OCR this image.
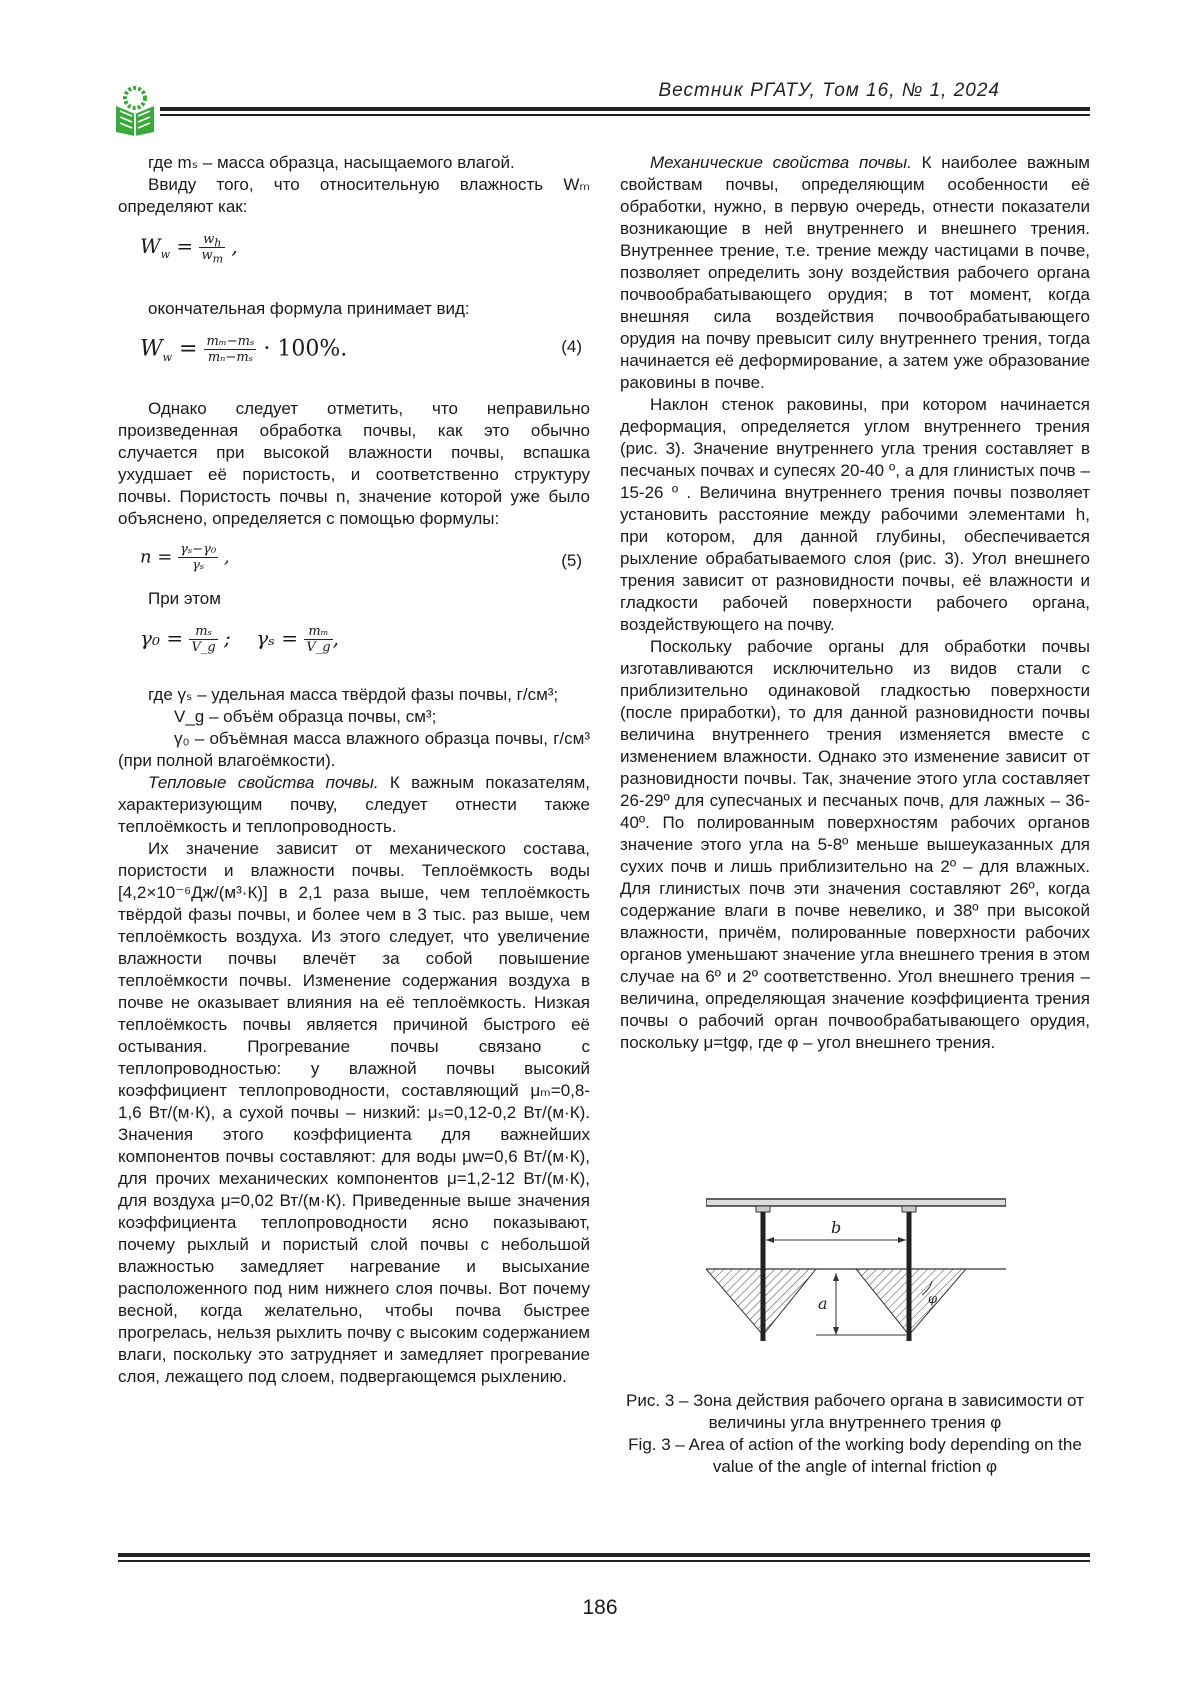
Вестник РГАТУ, Том 16, № 1, 2024

где mₛ – масса образца, насыщаемого влагой.

Ввиду того, что относительную влажность Wₘ определяют как:

$W_w = \frac{w_h}{w_m}$ ,

окончательная формула принимает вид:

$W_w = \frac{\text{mₘ−mₛ}}{\text{mₙ−mₛ}} \cdot 100\%$.	(4)

Однако следует отметить, что неправильно произведенная обработка почвы, как это обычно случается при высокой влажности почвы, вспашка ухудшает её пористость, и соответственно структуру почвы. Пористость почвы n, значение которой уже было объяснено, определяется с помощью формулы:

$n = \frac{\text{γₛ−γ₀}}{\text{γₛ}}$ ,	(5)

При этом

$\gamma_0 = \frac{\text{mₛ}}{V\_g}$ ;    $\gamma_s = \frac{\text{mₘ}}{V\_g}$ ,

где γₛ – удельная масса твёрдой фазы почвы, г/см³;

V_g – объём образца почвы, см³;

γ₀ – объёмная масса влажного образца почвы, г/см³ (при полной влагоёмкости).

Тепловые свойства почвы. К важным показателям, характеризующим почву, следует отнести также теплоёмкость и теплопроводность.

Их значение зависит от механического состава, пористости и влажности почвы. Теплоёмкость воды [4,2×10⁻⁶Дж/(м³·К)] в 2,1 раза выше, чем теплоёмкость твёрдой фазы почвы, и более чем в 3 тыс. раз выше, чем теплоёмкость воздуха. Из этого следует, что увеличение влажности почвы влечёт за собой повышение теплоёмкости почвы. Изменение содержания воздуха в почве не оказывает влияния на её теплоёмкость. Низкая теплоёмкость почвы является причиной быстрого её остывания. Прогревание почвы связано с теплопроводностью: у влажной почвы высокий коэффициент теплопроводности, составляющий μₘ=0,8-1,6 Вт/(м·К), а сухой почвы – низкий: μₛ=0,12-0,2 Вт/(м·К). Значения этого коэффициента для важнейших компонентов почвы составляют: для воды μw=0,6 Вт/(м·К), для прочих механических компонентов μ=1,2-12 Вт/(м·К), для воздуха μ=0,02 Вт/(м·К). Приведенные выше значения коэффициента теплопроводности ясно показывают, почему рыхлый и пористый слой почвы с небольшой влажностью замедляет нагревание и высыхание расположенного под ним нижнего слоя почвы. Вот почему весной, когда желательно, чтобы почва быстрее прогрелась, нельзя рыхлить почву с высоким содержанием влаги, поскольку это затрудняет и замедляет прогревание слоя, лежащего под слоем, подвергающемся рыхлению.

Механические свойства почвы. К наиболее важным свойствам почвы, определяющим особенности её обработки, нужно, в первую очередь, отнести показатели возникающие в ней внутреннего и внешнего трения. Внутреннее трение, т.е. трение между частицами в почве, позволяет определить зону воздействия рабочего органа почвообрабатывающего орудия; в тот момент, когда внешняя сила воздействия почвообрабатывающего орудия на почву превысит силу внутреннего трения, тогда начинается её деформирование, а затем уже образование раковины в почве.

Наклон стенок раковины, при котором начинается деформация, определяется углом внутреннего трения (рис. 3). Значение внутреннего угла трения составляет в песчаных почвах и супесях 20-40 º, а для глинистых почв – 15-26 º . Величина внутреннего трения почвы позволяет установить расстояние между рабочими элементами h, при котором, для данной глубины, обеспечивается рыхление обрабатываемого слоя (рис. 3). Угол внешнего трения зависит от разновидности почвы, её влажности и гладкости рабочей поверхности рабочего органа, воздействующего на почву.

Поскольку рабочие органы для обработки почвы изготавливаются исключительно из видов стали с приблизительно одинаковой гладкостью поверхности (после приработки), то для данной разновидности почвы величина внутреннего трения изменяется вместе с изменением влажности. Однако это изменение зависит от разновидности почвы. Так, значение этого угла составляет 26-29º для супесчаных и песчаных почв, для лажных – 36-40º. По полированным поверхностям рабочих органов значение этого угла на 5-8º меньше вышеуказанных для сухих почв и лишь приблизительно на 2º – для влажных. Для глинистых почв эти значения составляют 26º, когда содержание влаги в почве невелико, и 38º при высокой влажности, причём, полированные поверхности рабочих органов уменьшают значение угла внешнего трения в этом случае на 6º и 2º соответственно. Угол внешнего трения – величина, определяющая значение коэффициента трения почвы о рабочий орган почвообрабатывающего орудия, поскольку μ=tgφ, где φ – угол внешнего трения.

b
a	φ
Рис. 3 – Зона действия рабочего органа в зависимости от величины угла внутреннего трения φ
Fig. 3 – Area of action of the working body depending on the value of the angle of internal friction φ
186
